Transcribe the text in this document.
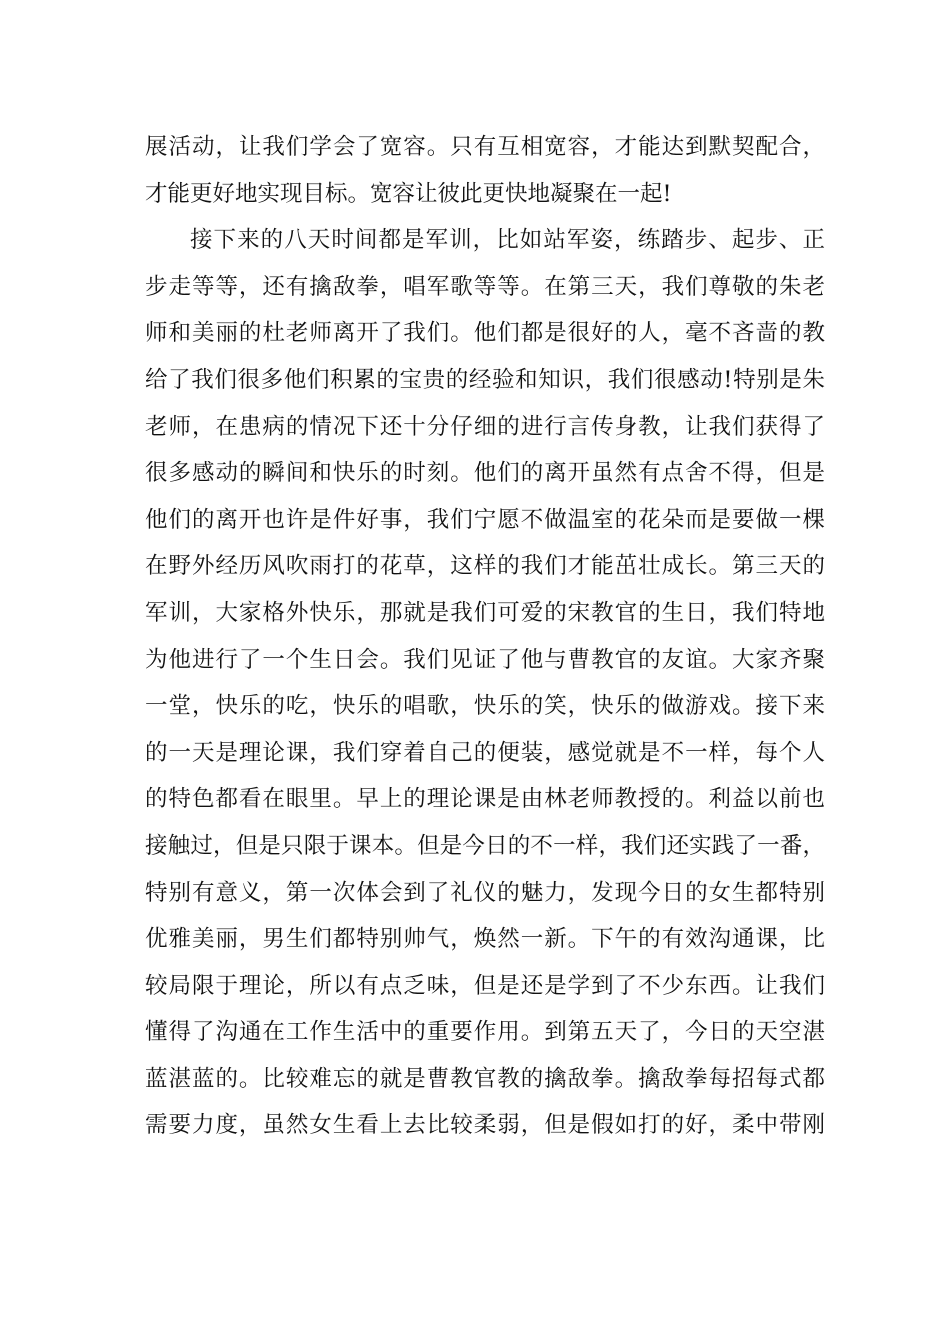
展活动，让我们学会了宽容。只有互相宽容，才能达到默契配合，
才能更好地实现目标。宽容让彼此更快地凝聚在一起!
接下来的八天时间都是军训，比如站军姿，练踏步、起步、正
步走等等，还有擒敌拳，唱军歌等等。在第三天，我们尊敬的朱老
师和美丽的杜老师离开了我们。他们都是很好的人，毫不吝啬的教
给了我们很多他们积累的宝贵的经验和知识，我们很感动!特别是朱
老师，在患病的情况下还十分仔细的进行言传身教，让我们获得了
很多感动的瞬间和快乐的时刻。他们的离开虽然有点舍不得，但是
他们的离开也许是件好事，我们宁愿不做温室的花朵而是要做一棵
在野外经历风吹雨打的花草，这样的我们才能茁壮成长。第三天的
军训，大家格外快乐，那就是我们可爱的宋教官的生日，我们特地
为他进行了一个生日会。我们见证了他与曹教官的友谊。大家齐聚
一堂，快乐的吃，快乐的唱歌，快乐的笑，快乐的做游戏。接下来
的一天是理论课，我们穿着自己的便装，感觉就是不一样，每个人
的特色都看在眼里。早上的理论课是由林老师教授的。利益以前也
接触过，但是只限于课本。但是今日的不一样，我们还实践了一番，
特别有意义，第一次体会到了礼仪的魅力，发现今日的女生都特别
优雅美丽，男生们都特别帅气，焕然一新。下午的有效沟通课，比
较局限于理论，所以有点乏味，但是还是学到了不少东西。让我们
懂得了沟通在工作生活中的重要作用。到第五天了，今日的天空湛
蓝湛蓝的。比较难忘的就是曹教官教的擒敌拳。擒敌拳每招每式都
需要力度，虽然女生看上去比较柔弱，但是假如打的好，柔中带刚
